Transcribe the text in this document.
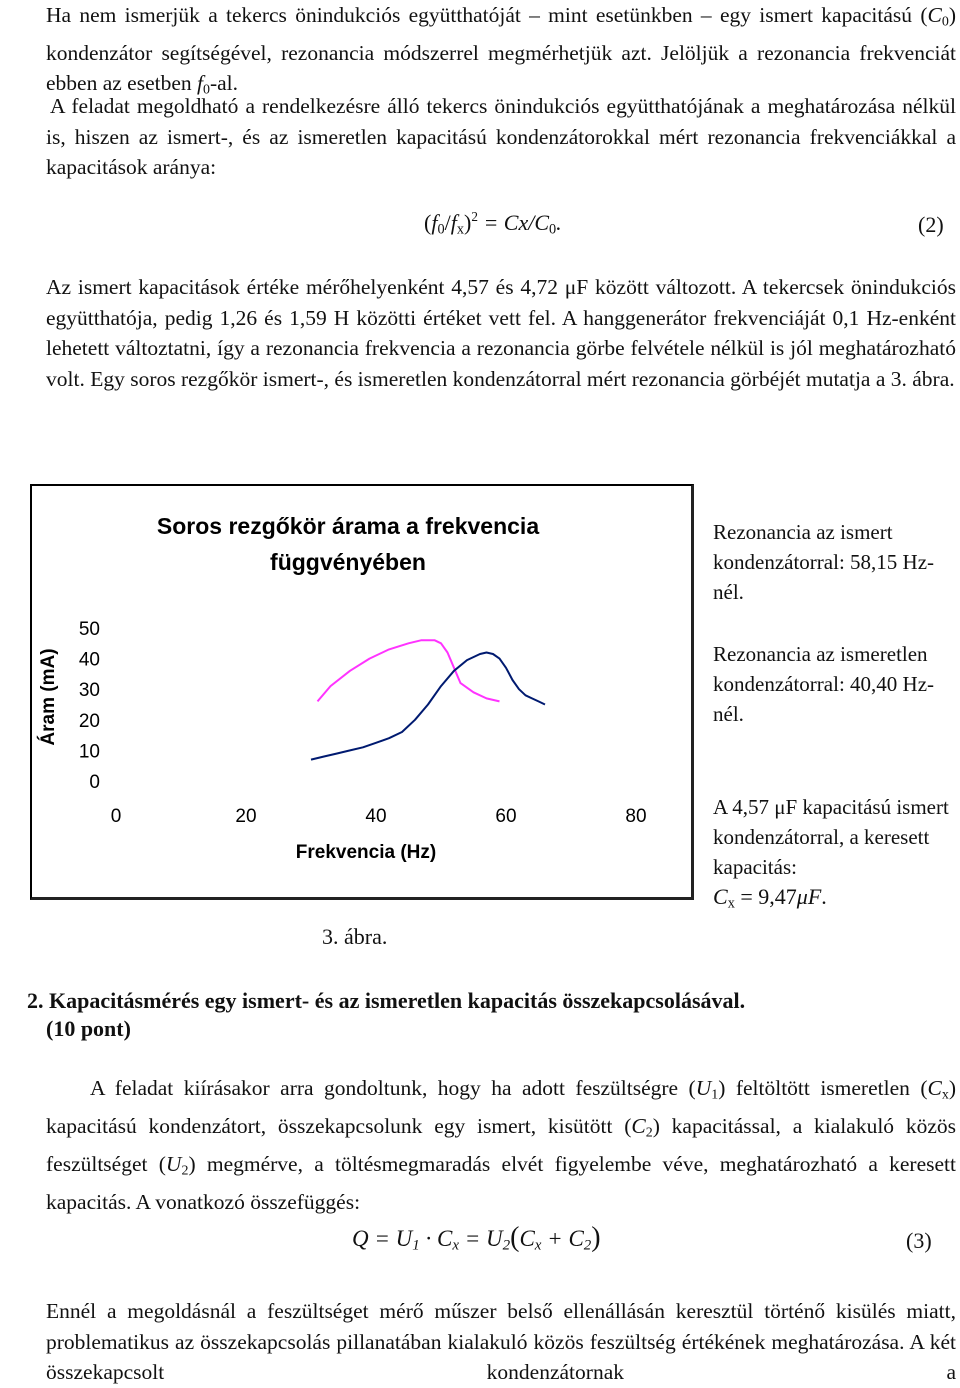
Ha nem ismerjük a tekercs önindukciós együtthatóját – mint esetünkben – egy ismert kapacitású $(C_0)$ kondenzátor segítségével, rezonancia módszerrel megmérhetjük azt. Jelöljük a rezonancia frekvenciát ebben az esetben $f_0-al$.

A feladat megoldható a rendelkezésre álló tekercs önindukciós együtthatójának a meghatározása nélkül is, hiszen az ismert-, és az ismeretlen kapacitású kondenzátorokkal mért rezonancia frekvenciákkal a kapacitások aránya:

$(f_0/f_x)^2 = Cx/C_0$.	(2)

Az ismert kapacitások értéke mérőhelyenként 4,57 és 4,72 μF között változott. A tekercsek önindukciós együtthatója, pedig 1,26 és 1,59 H közötti értéket vett fel. A hanggenerátor frekvenciáját 0,1 Hz-enként lehetett változtatni, így a rezonancia frekvencia a rezonancia görbe felvétele nélkül is jól meghatározható volt. Egy soros rezgőkör ismert-, és ismeretlen kondenzátorral mért rezonancia görbéjét mutatja a 3. ábra.

Soros rezgőkör árama a frekvencia
függvényében
Áram (mA)
Frekvencia (Hz)
50
40
30
20
10
0
0	20	40	60	80
3. ábra.

Rezonancia az ismert kondenzátorral: 58,15 Hz-nél.

Rezonancia az ismeretlen kondenzátorral: 40,40 Hz-nél.

A 4,57 μF kapacitású ismert kondenzátorral, a keresett kapacitás:
$C_x = 9,47\mu F$.

2. Kapacitásmérés egy ismert- és az ismeretlen kapacitás összekapcsolásával.

(10 pont)

A feladat kiírásakor arra gondoltunk, hogy ha adott feszültségre $(U_1)$ feltöltött ismeretlen $(C_x)$ kapacitású kondenzátort, összekapcsolunk egy ismert, kisütött $(C_2)$ kapacitással, a kialakuló közös feszültséget $(U_2)$ megmérve, a töltésmegmaradás elvét figyelembe véve, meghatározható a keresett kapacitás. A vonatkozó összefüggés:

$Q = U_1 \cdot C_x = U_2(C_x + C_2)$	(3)

Ennél a megoldásnál a feszültséget mérő műszer belső ellenállásán keresztül történő kisülés miatt, problematikus az összekapcsolás pillanatában kialakuló közös feszültség értékének meghatározása. A két összekapcsolt kondenzátornak a
